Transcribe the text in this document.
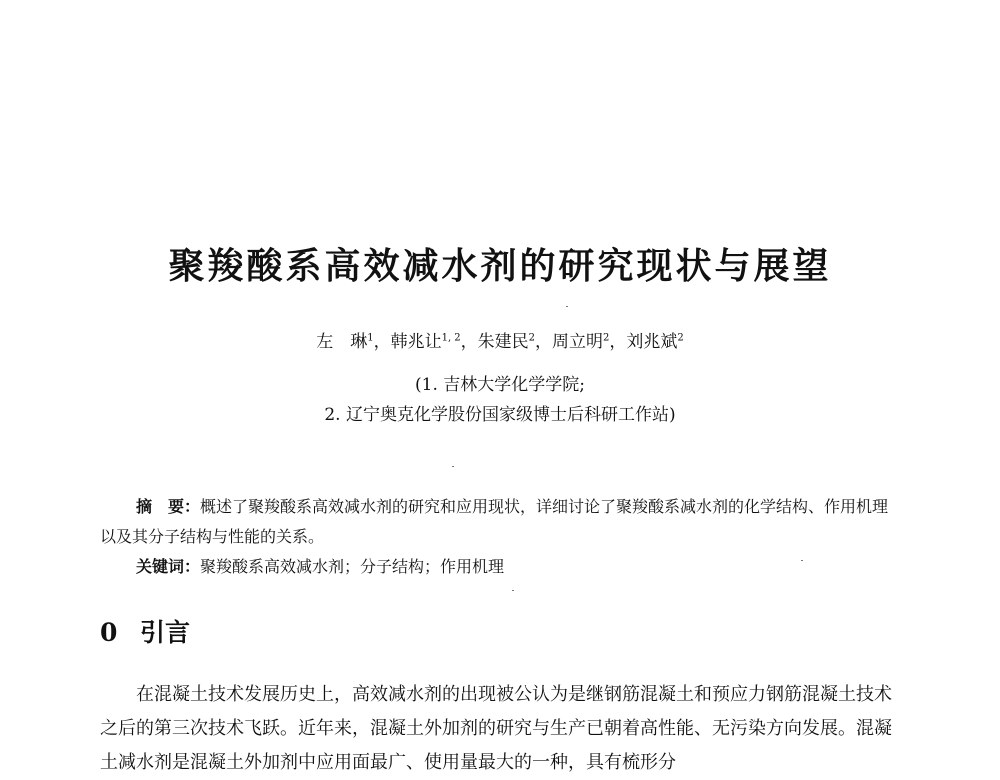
聚羧酸系高效减水剂的研究现状与展望
左　琳$^1$，韩兆让$^{1, 2}$，朱建民$^2$，周立明$^2$，刘兆斌$^2$
(1. 吉林大学化学学院;
2. 辽宁奥克化学股份国家级博士后科研工作站)
摘　要：概述了聚羧酸系高效减水剂的研究和应用现状，详细讨论了聚羧酸系减水剂的化学结构、作用机理以及其分子结构与性能的关系。
关键词：聚羧酸系高效减水剂；分子结构；作用机理
0 引言
在混凝土技术发展历史上，高效减水剂的出现被公认为是继钢筋混凝土和预应力钢筋混凝土技术之后的第三次技术飞跃。近年来，混凝土外加剂的研究与生产已朝着高性能、无污染方向发展。混凝土减水剂是混凝土外加剂中应用面最广、使用量最大的一种，具有梳形分
